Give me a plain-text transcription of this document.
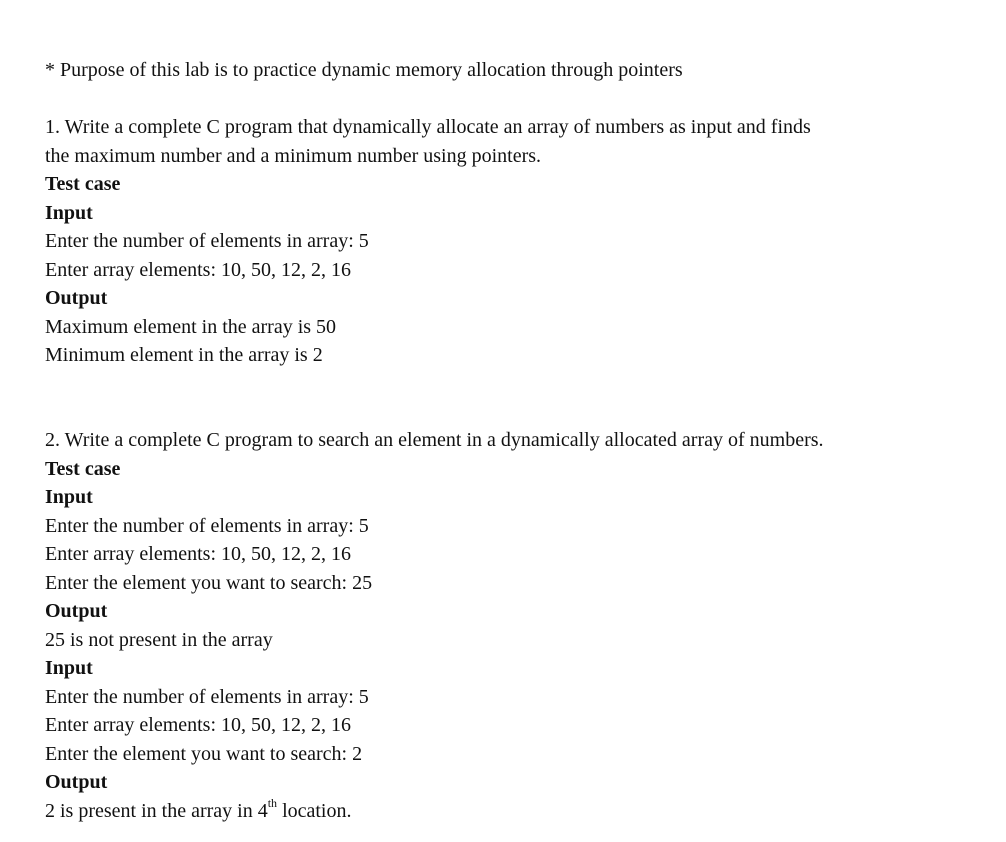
* Purpose of this lab is to practice dynamic memory allocation through pointers
1. Write a complete C program that dynamically allocate an array of numbers as input and finds
the maximum number and a minimum number using pointers.
Test case
Input
Enter the number of elements in array: 5
Enter array elements: 10, 50, 12, 2, 16
Output
Maximum element in the array is 50
Minimum element in the array is 2
2. Write a complete C program to search an element in a dynamically allocated array of numbers.
Test case
Input
Enter the number of elements in array: 5
Enter array elements: 10, 50, 12, 2, 16
Enter the element you want to search: 25
Output
25 is not present in the array
Input
Enter the number of elements in array: 5
Enter array elements: 10, 50, 12, 2, 16
Enter the element you want to search: 2
Output
2 is present in the array in 4th location.
